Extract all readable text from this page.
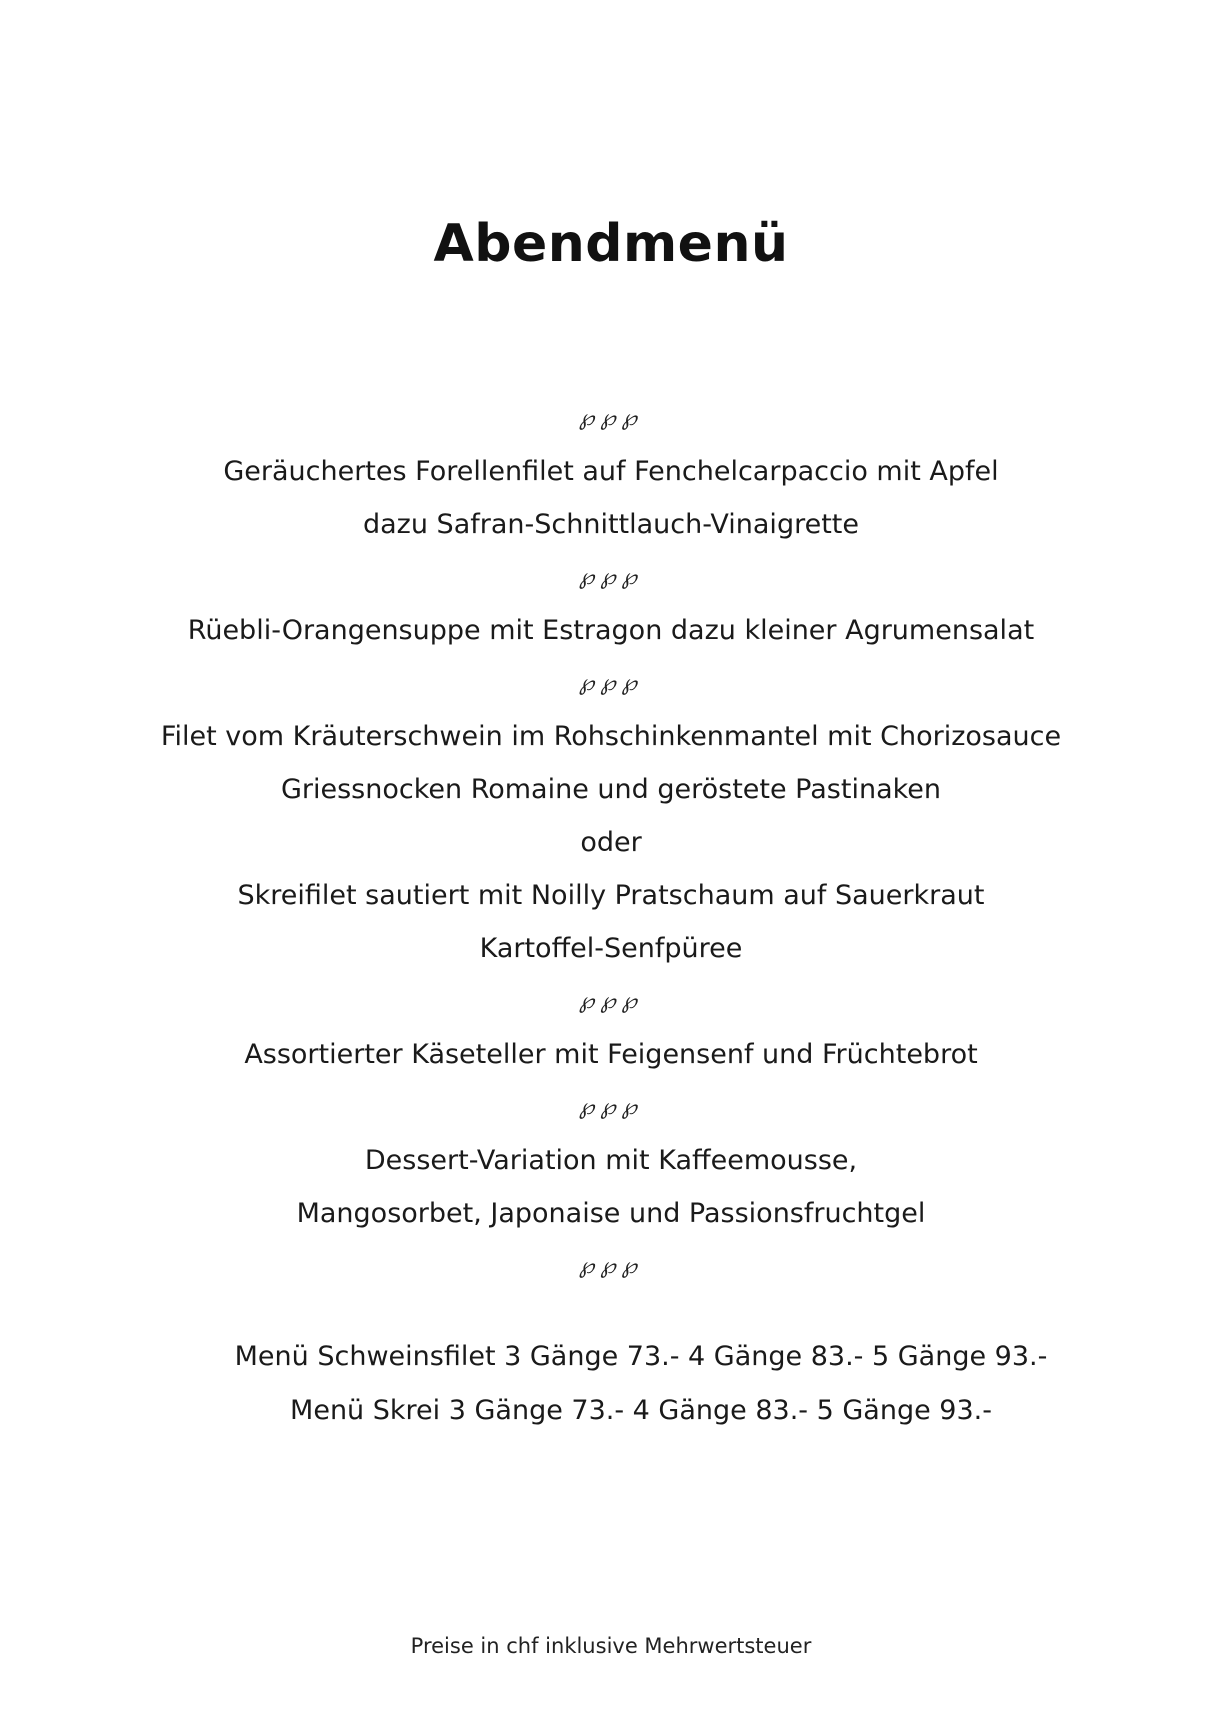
Abendmenü
℘℘℘
Geräuchertes Forellenfilet auf Fenchelcarpaccio mit Apfel
dazu Safran-Schnittlauch-Vinaigrette
℘℘℘
Rüebli-Orangensuppe mit Estragon dazu kleiner Agrumensalat
℘℘℘
Filet vom Kräuterschwein im Rohschinkenmantel mit Chorizosauce
Griessnocken Romaine und geröstete Pastinaken
oder
Skreifilet sautiert mit Noilly Pratschaum auf Sauerkraut
Kartoffel-Senfpüree
℘℘℘
Assortierter Käseteller mit Feigensenf und Früchtebrot
℘℘℘
Dessert-Variation mit Kaffeemousse,
Mangosorbet, Japonaise und Passionsfruchtgel
℘℘℘
Menü Schweinsfilet 3 Gänge 73.- 4 Gänge 83.- 5 Gänge 93.-
Menü Skrei 3 Gänge 73.- 4 Gänge 83.- 5 Gänge 93.-
Preise in chf inklusive Mehrwertsteuer
